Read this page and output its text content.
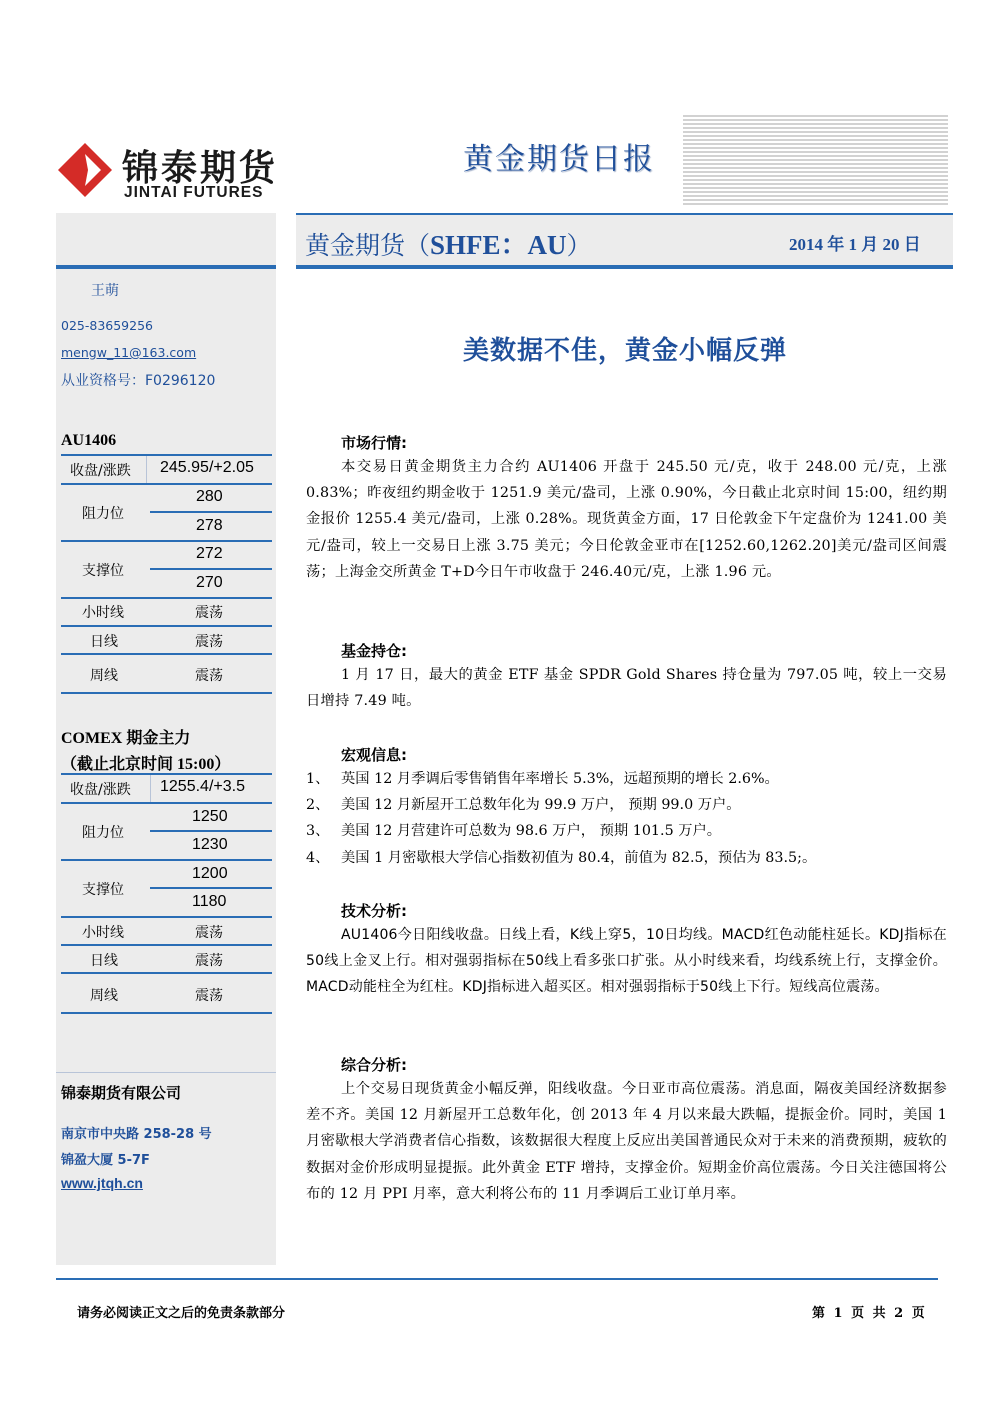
锦泰期货
JINTAI FUTURES
黄金期货日报
黄金期货（SHFE：AU）	2014 年 1 月 20 日
王萌
025-83659256
mengw_11@163.com
从业资格号：F0296120
AU1406
收盘/涨跌 245.95/+2.05
阻力位
280
278
支撑位
272
270
小时线	震荡
日线	震荡
周线	震荡
COMEX 期金主力
（截止北京时间 15:00）
收盘/涨跌 1255.4/+3.5
阻力位
1250
1230
支撑位
1200
1180
小时线	震荡
日线	震荡
周线	震荡
锦泰期货有限公司
南京市中央路 258-28 号
锦盈大厦 5-7F
www.jtqh.cn
美数据不佳，黄金小幅反弹
市场行情:
本交易日黄金期货主力合约 AU1406 开盘于 245.50 元/克，收于 248.00 元/克，上涨 0.83%；昨夜纽约期金收于 1251.9 美元/盎司，上涨 0.90%，今日截止北京时间 15:00，纽约期金报价 1255.4 美元/盎司，上涨 0.28%。现货黄金方面，17 日伦敦金下午定盘价为 1241.00 美元/盎司，较上一交易日上涨 3.75 美元；今日伦敦金亚市在[1252.60,1262.20]美元/盎司区间震荡；上海金交所黄金 T+D今日午市收盘于 246.40元/克，上涨 1.96 元。
基金持仓:
1 月 17 日，最大的黄金 ETF 基金 SPDR Gold Shares 持仓量为 797.05 吨，较上一交易日增持 7.49 吨。
宏观信息:
1、 英国 12 月季调后零售销售年率增长 5.3%，远超预期的增长 2.6%。
2、 美国 12 月新屋开工总数年化为 99.9 万户， 预期 99.0 万户。
3、 美国 12 月营建许可总数为 98.6 万户， 预期 101.5 万户。
4、 美国 1 月密歇根大学信心指数初值为 80.4，前值为 82.5，预估为 83.5;。
技术分析:
AU1406今日阳线收盘。日线上看，K线上穿5，10日均线。MACD红色动能柱延长。KDJ指标在50线上金叉上行。相对强弱指标在50线上看多张口扩张。从小时线来看，均线系统上行，支撑金价。MACD动能柱全为红柱。KDJ指标进入超买区。相对强弱指标于50线上下行。短线高位震荡。
综合分析:
上个交易日现货黄金小幅反弹，阳线收盘。今日亚市高位震荡。消息面，隔夜美国经济数据参差不齐。美国 12 月新屋开工总数年化，创 2013 年 4 月以来最大跌幅，提振金价。同时，美国 1 月密歇根大学消费者信心指数，该数据很大程度上反应出美国普通民众对于未来的消费预期，疲软的数据对金价形成明显提振。此外黄金 ETF 增持，支撑金价。短期金价高位震荡。今日关注德国将公布的 12 月 PPI 月率，意大利将公布的 11 月季调后工业订单月率。
请务必阅读正文之后的免责条款部分	第 1 页 共 2 页
